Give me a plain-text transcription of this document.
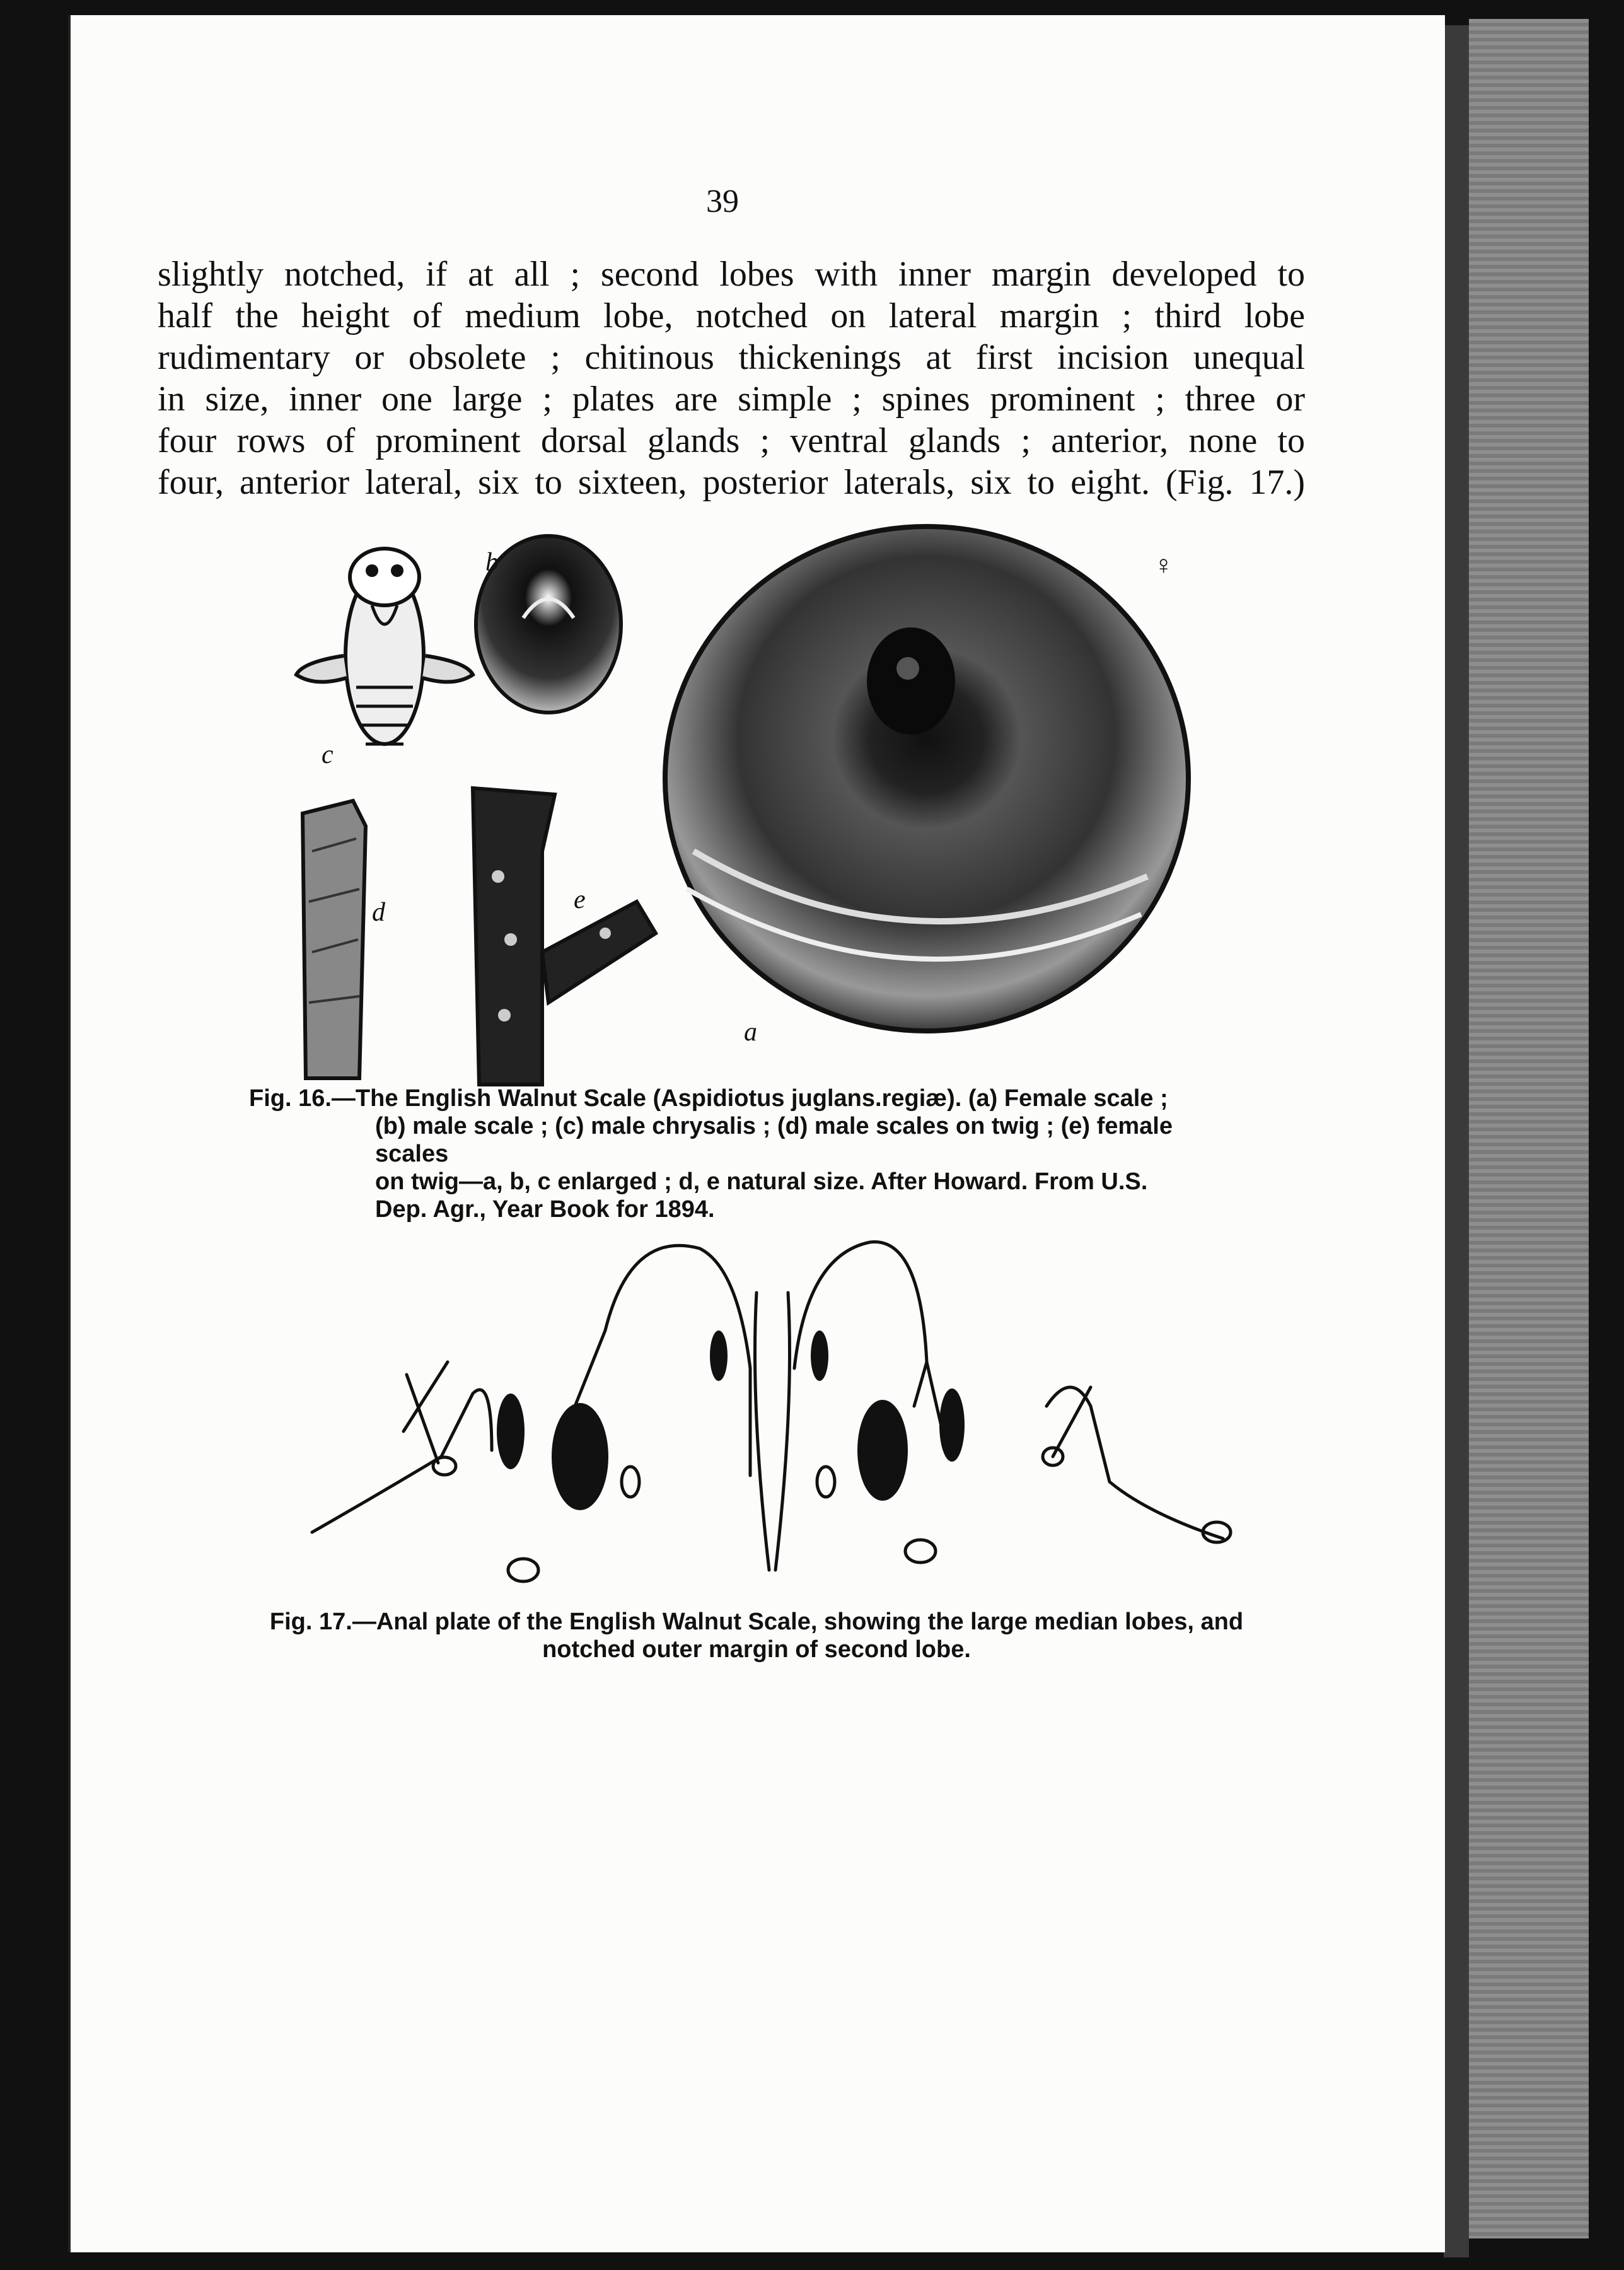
39
slightly notched, if at all ; second lobes with inner margin developed to
half the height of medium lobe, notched on lateral margin ; third lobe
rudimentary or obsolete ; chitinous thickenings at first incision unequal
in size, inner one large ; plates are simple ; spines prominent ; three or
four rows of prominent dorsal glands ; ventral glands ; anterior, none to
four, anterior lateral, six to sixteen, posterior laterals, six to eight. (Fig. 17.)
c
b	♀
a
d	e
Fig. 16.—The English Walnut Scale (Aspidiotus juglans.regiæ). (a) Female scale ;
(b) male scale ; (c) male chrysalis ; (d) male scales on twig ; (e) female scales
on twig—a, b, c enlarged ; d, e natural size. After Howard. From U.S.
Dep. Agr., Year Book for 1894.
Fig. 17.—Anal plate of the English Walnut Scale, showing the large median lobes, and
notched outer margin of second lobe.
